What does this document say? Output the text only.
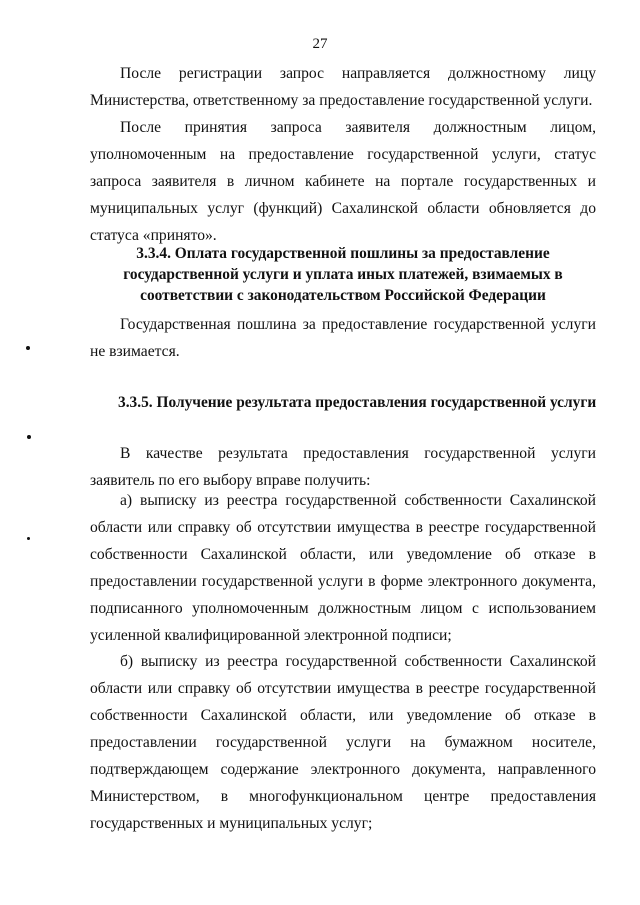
27
После регистрации запрос направляется должностному лицу Министерства, ответственному за предоставление государственной услуги.
После принятия запроса заявителя должностным лицом, уполномоченным на предоставление государственной услуги, статус запроса заявителя в личном кабинете на портале государственных и муниципальных услуг (функций) Сахалинской области обновляется до статуса «принято».
3.3.4. Оплата государственной пошлины за предоставление государственной услуги и уплата иных платежей, взимаемых в соответствии с законодательством Российской Федерации
Государственная пошлина за предоставление государственной услуги не взимается.
3.3.5. Получение результата предоставления государственной услуги
В качестве результата предоставления государственной услуги заявитель по его выбору вправе получить:
а) выписку из реестра государственной собственности Сахалинской области или справку об отсутствии имущества в реестре государственной собственности Сахалинской области, или уведомление об отказе в предоставлении государственной услуги в форме электронного документа, подписанного уполномоченным должностным лицом с использованием усиленной квалифицированной электронной подписи;
б) выписку из реестра государственной собственности Сахалинской области или справку об отсутствии имущества в реестре государственной собственности Сахалинской области, или уведомление об отказе в предоставлении государственной услуги на бумажном носителе, подтверждающем содержание электронного документа, направленного Министерством, в многофункциональном центре предоставления государственных и муниципальных услуг;
